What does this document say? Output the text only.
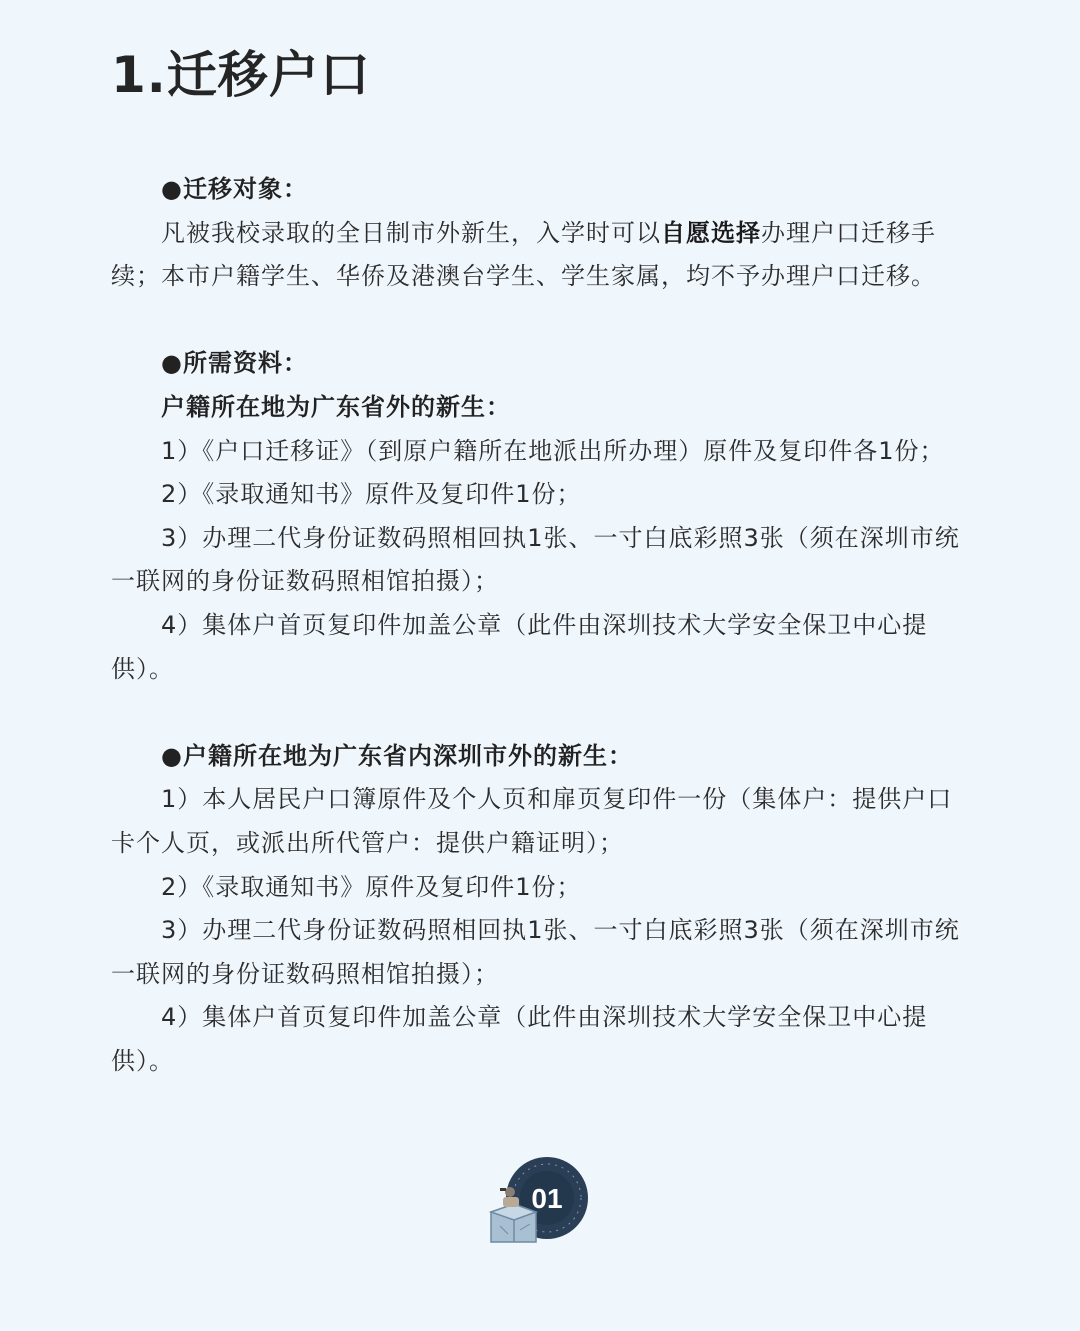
1.迁移户口

●迁移对象：

凡被我校录取的全日制市外新生，入学时可以自愿选择办理户口迁移手

续；本市户籍学生、华侨及港澳台学生、学生家属，均不予办理户口迁移。

●所需资料：

户籍所在地为广东省外的新生：

1）《户口迁移证》（到原户籍所在地派出所办理）原件及复印件各1份；

2）《录取通知书》原件及复印件1份；

3）办理二代身份证数码照相回执1张、一寸白底彩照3张（须在深圳市统

一联网的身份证数码照相馆拍摄）；

4）集体户首页复印件加盖公章（此件由深圳技术大学安全保卫中心提

供）。

●户籍所在地为广东省内深圳市外的新生：

1）本人居民户口簿原件及个人页和扉页复印件一份（集体户：提供户口

卡个人页，或派出所代管户：提供户籍证明）；

2）《录取通知书》原件及复印件1份；

3）办理二代身份证数码照相回执1张、一寸白底彩照3张（须在深圳市统

一联网的身份证数码照相馆拍摄）；

4）集体户首页复印件加盖公章（此件由深圳技术大学安全保卫中心提

供）。

01
